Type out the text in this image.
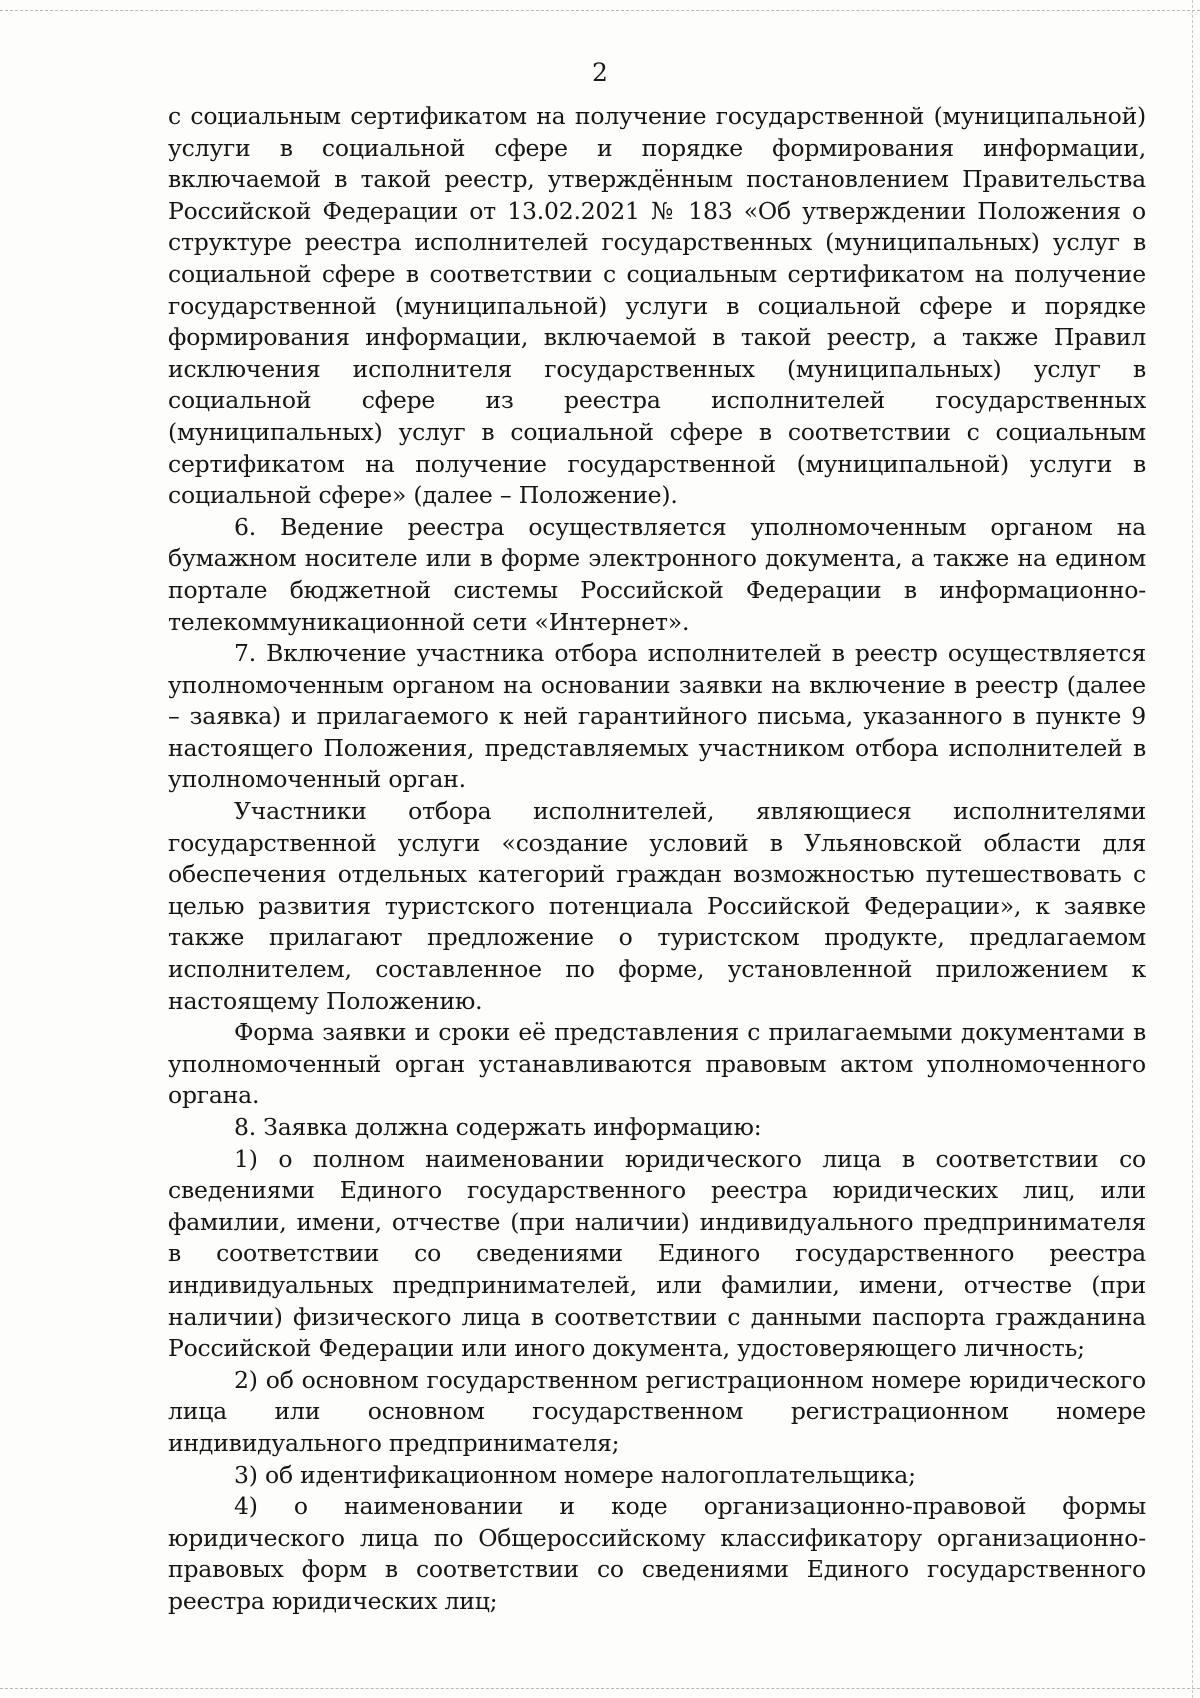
2

с социальным сертификатом на получение государственной (муниципальной) услуги в социальной сфере и порядке формирования информации, включаемой в такой реестр, утверждённым постановлением Правительства Российской Федерации от 13.02.2021 № 183 «Об утверждении Положения о структуре реестра исполнителей государственных (муниципальных) услуг в социальной сфере в соответствии с социальным сертификатом на получение государственной (муниципальной) услуги в социальной сфере и порядке формирования информации, включаемой в такой реестр, а также Правил исключения исполнителя государственных (муниципальных) услуг в социальной сфере из реестра исполнителей государственных (муниципальных) услуг в социальной сфере в соответствии с социальным сертификатом на получение государственной (муниципальной) услуги в социальной сфере» (далее – Положение).

6. Ведение реестра осуществляется уполномоченным органом на бумажном носителе или в форме электронного документа, а также на едином портале бюджетной системы Российской Федерации в информационно-телекоммуникационной сети «Интернет».

7. Включение участника отбора исполнителей в реестр осуществляется уполномоченным органом на основании заявки на включение в реестр (далее – заявка) и прилагаемого к ней гарантийного письма, указанного в пункте 9 настоящего Положения, представляемых участником отбора исполнителей в уполномоченный орган.

Участники отбора исполнителей, являющиеся исполнителями государственной услуги «создание условий в Ульяновской области для обеспечения отдельных категорий граждан возможностью путешествовать с целью развития туристского потенциала Российской Федерации», к заявке также прилагают предложение о туристском продукте, предлагаемом исполнителем, составленное по форме, установленной приложением к настоящему Положению.

Форма заявки и сроки её представления с прилагаемыми документами в уполномоченный орган устанавливаются правовым актом уполномоченного органа.

8. Заявка должна содержать информацию:

1) о полном наименовании юридического лица в соответствии со сведениями Единого государственного реестра юридических лиц, или фамилии, имени, отчестве (при наличии) индивидуального предпринимателя в соответствии со сведениями Единого государственного реестра индивидуальных предпринимателей, или фамилии, имени, отчестве (при наличии) физического лица в соответствии с данными паспорта гражданина Российской Федерации или иного документа, удостоверяющего личность;

2) об основном государственном регистрационном номере юридического лица или основном государственном регистрационном номере индивидуального предпринимателя;

3) об идентификационном номере налогоплательщика;

4) о наименовании и коде организационно-правовой формы юридического лица по Общероссийскому классификатору организационно-правовых форм в соответствии со сведениями Единого государственного реестра юридических лиц;
